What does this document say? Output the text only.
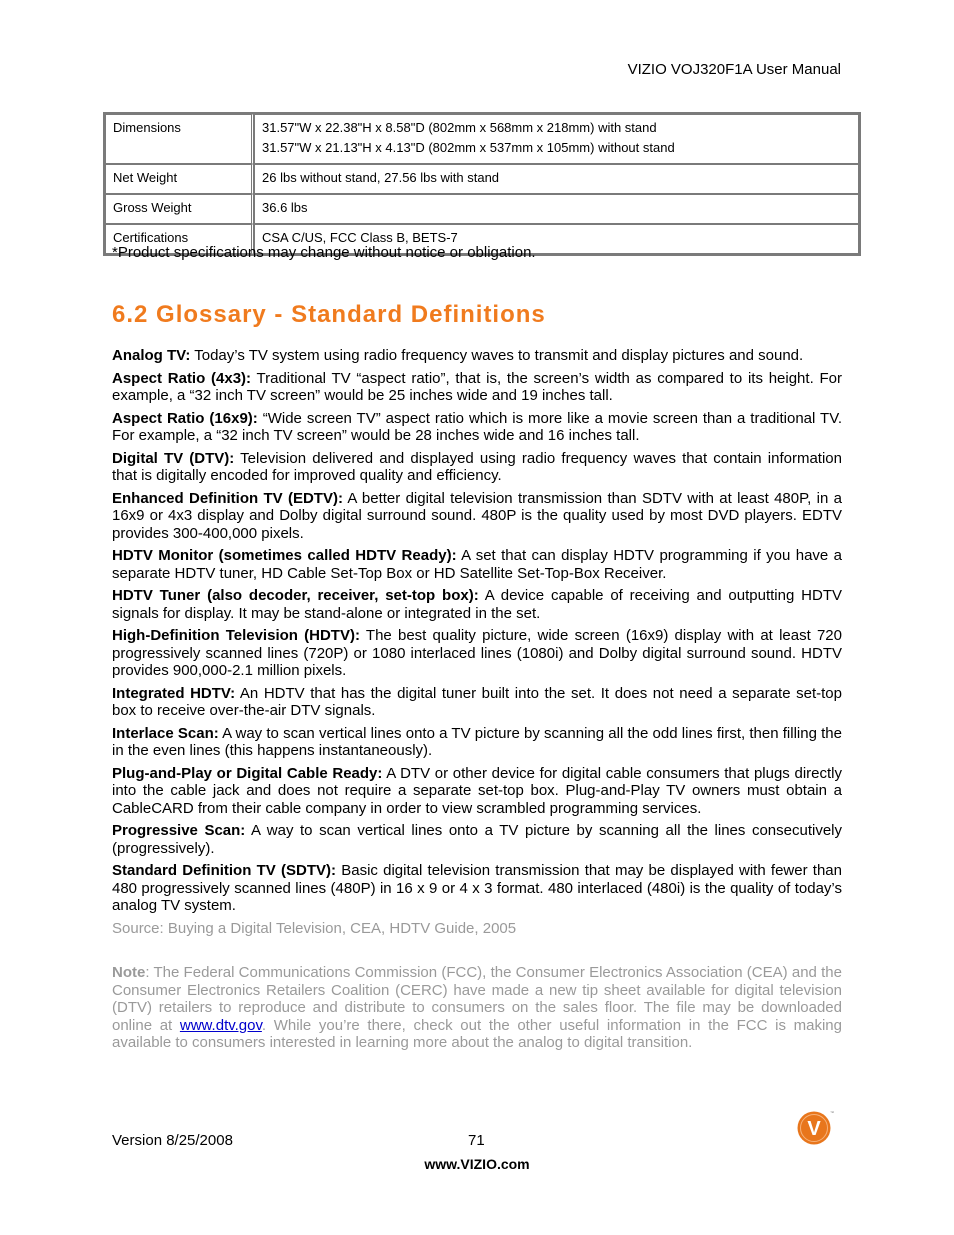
VIZIO VOJ320F1A User Manual
Dimensions	31.57"W x 22.38"H x 8.58"D (802mm x 568mm x 218mm) with stand
31.57"W x 21.13"H x 4.13"D (802mm x 537mm x 105mm) without stand

Net Weight	26 lbs without stand, 27.56 lbs with stand

Gross Weight	36.6 lbs

Certifications	CSA C/US, FCC Class B, BETS-7
*Product specifications may change without notice or obligation.
6.2 Glossary - Standard Definitions

Analog TV: Today’s TV system using radio frequency waves to transmit and display pictures and sound.

Aspect Ratio (4x3): Traditional TV “aspect ratio”, that is, the screen’s width as compared to its height. For example, a “32 inch TV screen” would be 25 inches wide and 19 inches tall.

Aspect Ratio (16x9): “Wide screen TV” aspect ratio which is more like a movie screen than a traditional TV. For example, a “32 inch TV screen” would be 28 inches wide and 16 inches tall.

Digital TV (DTV): Television delivered and displayed using radio frequency waves that contain information that is digitally encoded for improved quality and efficiency.

Enhanced Definition TV (EDTV): A better digital television transmission than SDTV with at least 480P, in a 16x9 or 4x3 display and Dolby digital surround sound. 480P is the quality used by most DVD players. EDTV provides 300-400,000 pixels.

HDTV Monitor (sometimes called HDTV Ready): A set that can display HDTV programming if you have a separate HDTV tuner, HD Cable Set-Top Box or HD Satellite Set-Top-Box Receiver.

HDTV Tuner (also decoder, receiver, set-top box): A device capable of receiving and outputting HDTV signals for display. It may be stand-alone or integrated in the set.

High-Definition Television (HDTV): The best quality picture, wide screen (16x9) display with at least 720 progressively scanned lines (720P) or 1080 interlaced lines (1080i) and Dolby digital surround sound. HDTV provides 900,000-2.1 million pixels.

Integrated HDTV: An HDTV that has the digital tuner built into the set. It does not need a separate set-top box to receive over-the-air DTV signals.

Interlace Scan: A way to scan vertical lines onto a TV picture by scanning all the odd lines first, then filling the in the even lines (this happens instantaneously).

Plug-and-Play or Digital Cable Ready: A DTV or other device for digital cable consumers that plugs directly into the cable jack and does not require a separate set-top box. Plug-and-Play TV owners must obtain a CableCARD from their cable company in order to view scrambled programming services.

Progressive Scan: A way to scan vertical lines onto a TV picture by scanning all the lines consecutively (progressively).

Standard Definition TV (SDTV): Basic digital television transmission that may be displayed with fewer than 480 progressively scanned lines (480P) in 16 x 9 or 4 x 3 format. 480 interlaced (480i) is the quality of today’s analog TV system.

Source: Buying a Digital Television, CEA, HDTV Guide, 2005
Note: The Federal Communications Commission (FCC), the Consumer Electronics Association (CEA) and the Consumer Electronics Retailers Coalition (CERC) have made a new tip sheet available for digital television (DTV) retailers to reproduce and distribute to consumers on the sales floor. The file may be downloaded online at www.dtv.gov. While you’re there, check out the other useful information in the FCC is making available to consumers interested in learning more about the analog to digital transition.
Version 8/25/2008	71
www.VIZIO.com
V
™
